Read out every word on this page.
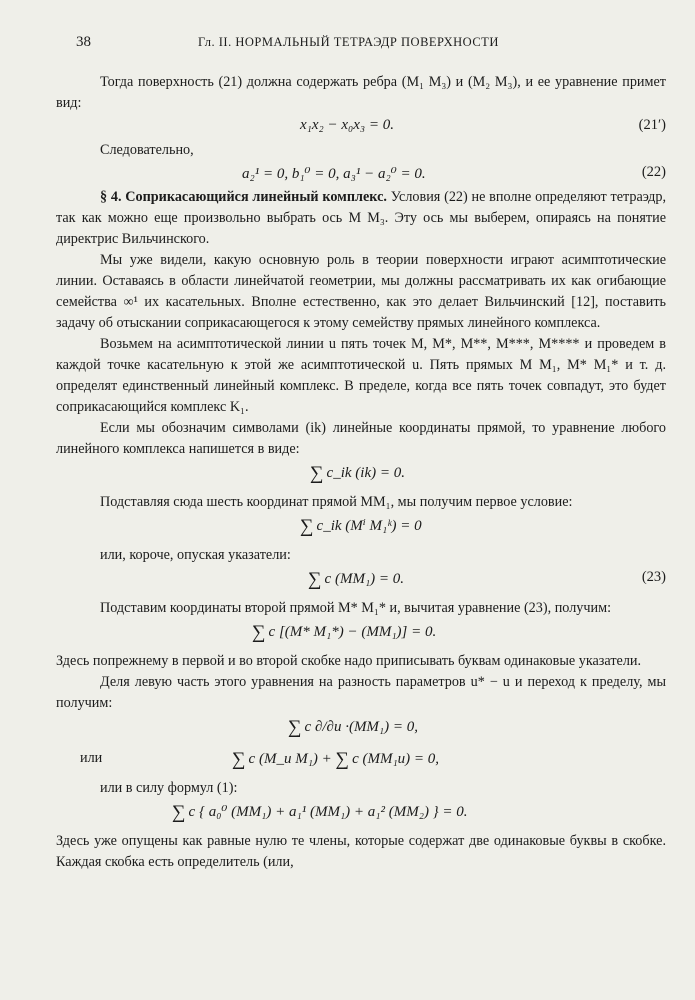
38	Гл. II. НОРМАЛЬНЫЙ ТЕТРАЭДР ПОВЕРХНОСТИ

Тогда поверхность (21) должна содержать ребра (M₁ M₃) и (M₂ M₃), и ее уравнение примет вид:

x₁x₂ − x₀x₃ = 0.	(21′)

Следовательно,

a₂¹ = 0, b₁⁰ = 0, a₃¹ − a₂⁰ = 0.	(22)

§ 4. Соприкасающийся линейный комплекс. Условия (22) не вполне определяют тетраэдр, так как можно еще произвольно выбрать ось M M₃. Эту ось мы выберем, опираясь на понятие директрис Вильчинского.

Мы уже видели, какую основную роль в теории поверхности играют асимптотические линии. Оставаясь в области линейчатой геометрии, мы должны рассматривать их как огибающие семейства ∞¹ их касательных. Вполне естественно, как это делает Вильчинский [12], поставить задачу об отыскании соприкасающегося к этому семейству прямых линейного комплекса.

Возьмем на асимптотической линии u пять точек M, M*, M**, M***, M**** и проведем в каждой точке касательную к этой же асимптотической u. Пять прямых M M₁, M* M₁* и т. д. определят единственный линейный комплекс. В пределе, когда все пять точек совпадут, это будет соприкасающийся комплекс K₁.

Если мы обозначим символами (ik) линейные координаты прямой, то уравнение любого линейного комплекса напишется в виде:

∑ c_ik (ik) = 0.

Подставляя сюда шесть координат прямой MM₁, мы получим первое условие:

∑ c_ik (Mⁱ M₁ᵏ) = 0

или, короче, опуская указатели:

∑ c (MM₁) = 0.	(23)

Подставим координаты второй прямой M* M₁* и, вычитая уравнение (23), получим:

∑ c [(M* M₁*) − (MM₁)] = 0.

Здесь попрежнему в первой и во второй скобке надо приписывать буквам одинаковые указатели.

Деля левую часть этого уравнения на разность параметров u* − u и переход к пределу, мы получим:

∑ c ∂/∂u ·(MM₁) = 0,
или	∑ c (M_u M₁) + ∑ c (MM₁u) = 0,

или в силу формул (1):

∑ c { a₀⁰ (MM₁) + a₁¹ (MM₁) + a₁² (MM₂) } = 0.

Здесь уже опущены как равные нулю те члены, которые содержат две одинаковые буквы в скобке. Каждая скобка есть определитель (или,
